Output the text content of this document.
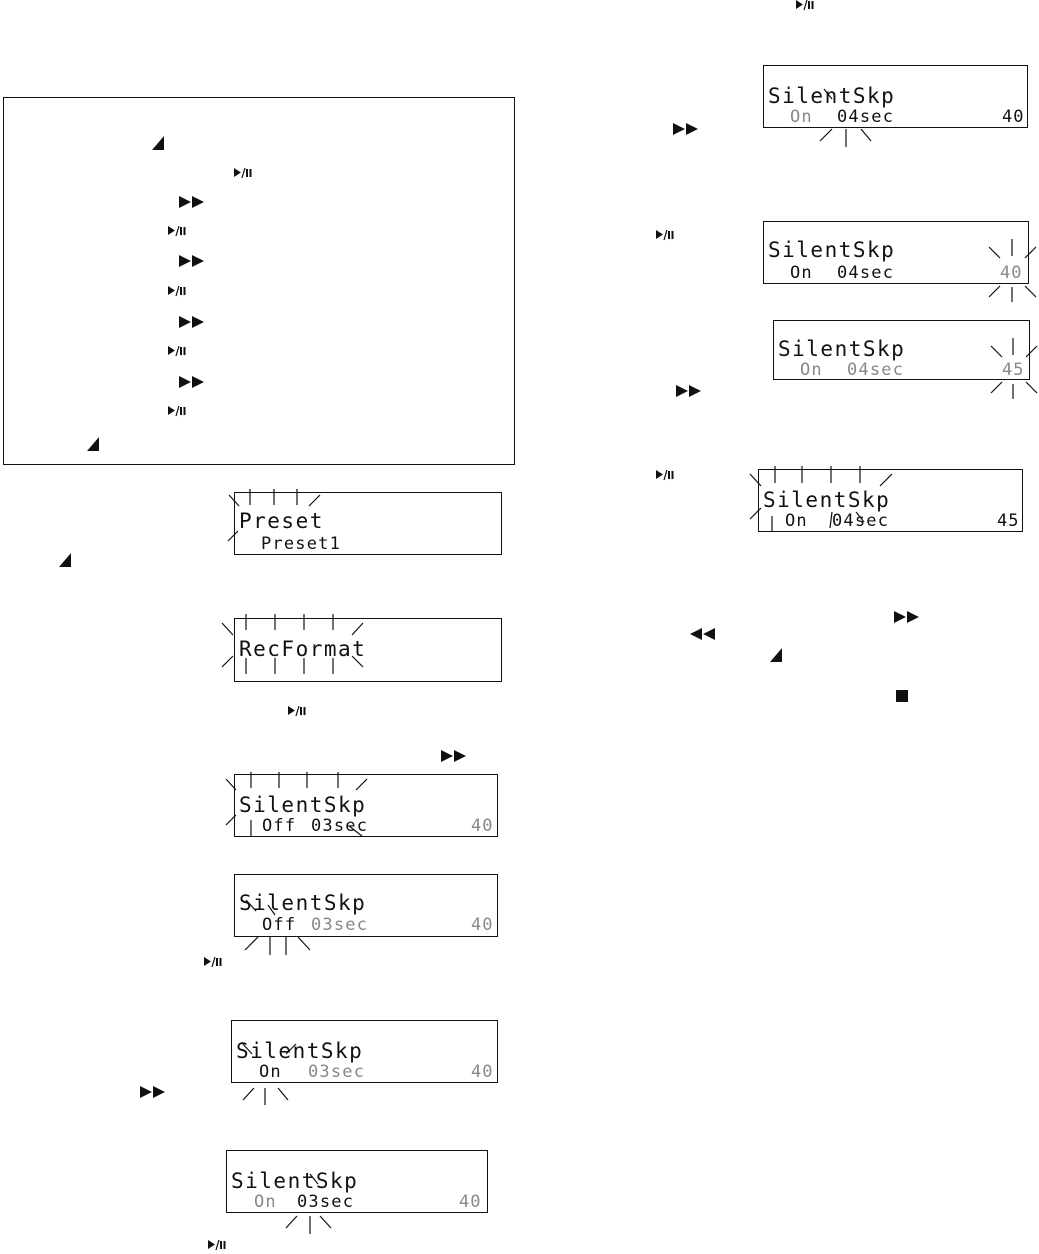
Preset
Preset1
RecFormat
SilentSkp
Off 03sec	40
SilentSkp
Off 03sec	40
SilentSkp
On 03sec	40
SilentSkp
On 03sec	40
SilentSkp
On 04sec	40
SilentSkp
On 04sec	40
SilentSkp
On 04sec	45
SilentSkp
On 04sec	45
